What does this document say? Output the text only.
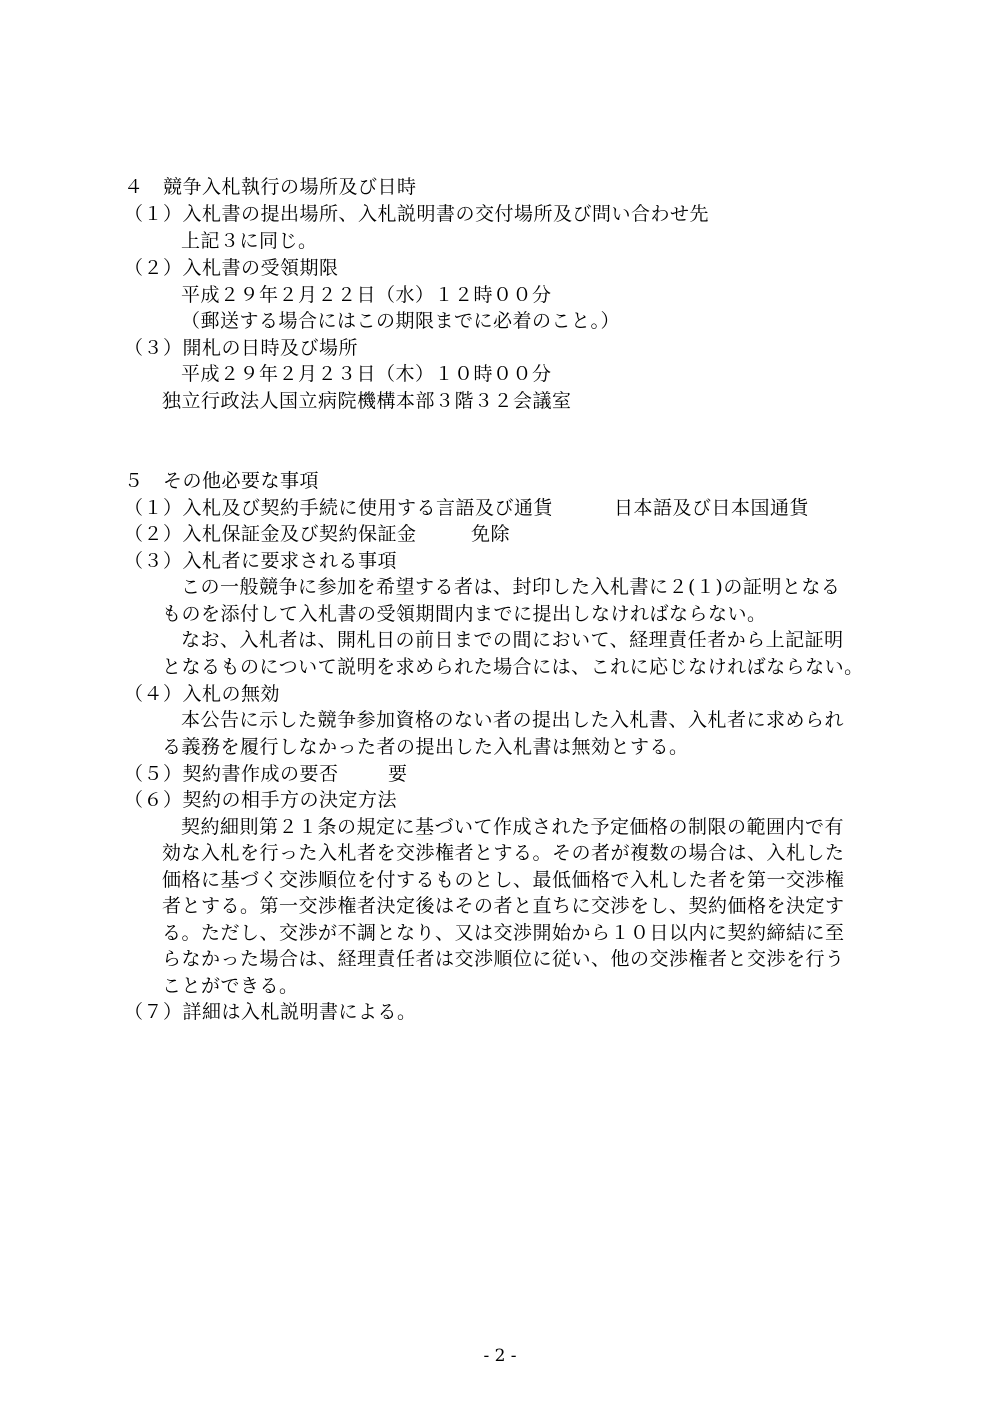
４　競争入札執行の場所及び日時
（１）入札書の提出場所、入札説明書の交付場所及び問い合わせ先
上記３に同じ。
（２）入札書の受領期限
平成２９年２月２２日（水）１２時００分
（郵送する場合にはこの期限までに必着のこと。）
（３）開札の日時及び場所
平成２９年２月２３日（木）１０時００分
独立行政法人国立病院機構本部３階３２会議室
５　その他必要な事項
（１）入札及び契約手続に使用する言語及び通貨	日本語及び日本国通貨
（２）入札保証金及び契約保証金	免除
（３）入札者に要求される事項
この一般競争に参加を希望する者は、封印した入札書に２(１)の証明となる
ものを添付して入札書の受領期間内までに提出しなければならない。
なお、入札者は、開札日の前日までの間において、経理責任者から上記証明
となるものについて説明を求められた場合には、これに応じなければならない。
（４）入札の無効
本公告に示した競争参加資格のない者の提出した入札書、入札者に求められ
る義務を履行しなかった者の提出した入札書は無効とする。
（５）契約書作成の要否	要
（６）契約の相手方の決定方法
契約細則第２１条の規定に基づいて作成された予定価格の制限の範囲内で有
効な入札を行った入札者を交渉権者とする。その者が複数の場合は、入札した
価格に基づく交渉順位を付するものとし、最低価格で入札した者を第一交渉権
者とする。第一交渉権者決定後はその者と直ちに交渉をし、契約価格を決定す
る。ただし、交渉が不調となり、又は交渉開始から１０日以内に契約締結に至
らなかった場合は、経理責任者は交渉順位に従い、他の交渉権者と交渉を行う
ことができる。
（７）詳細は入札説明書による。
- 2 -
